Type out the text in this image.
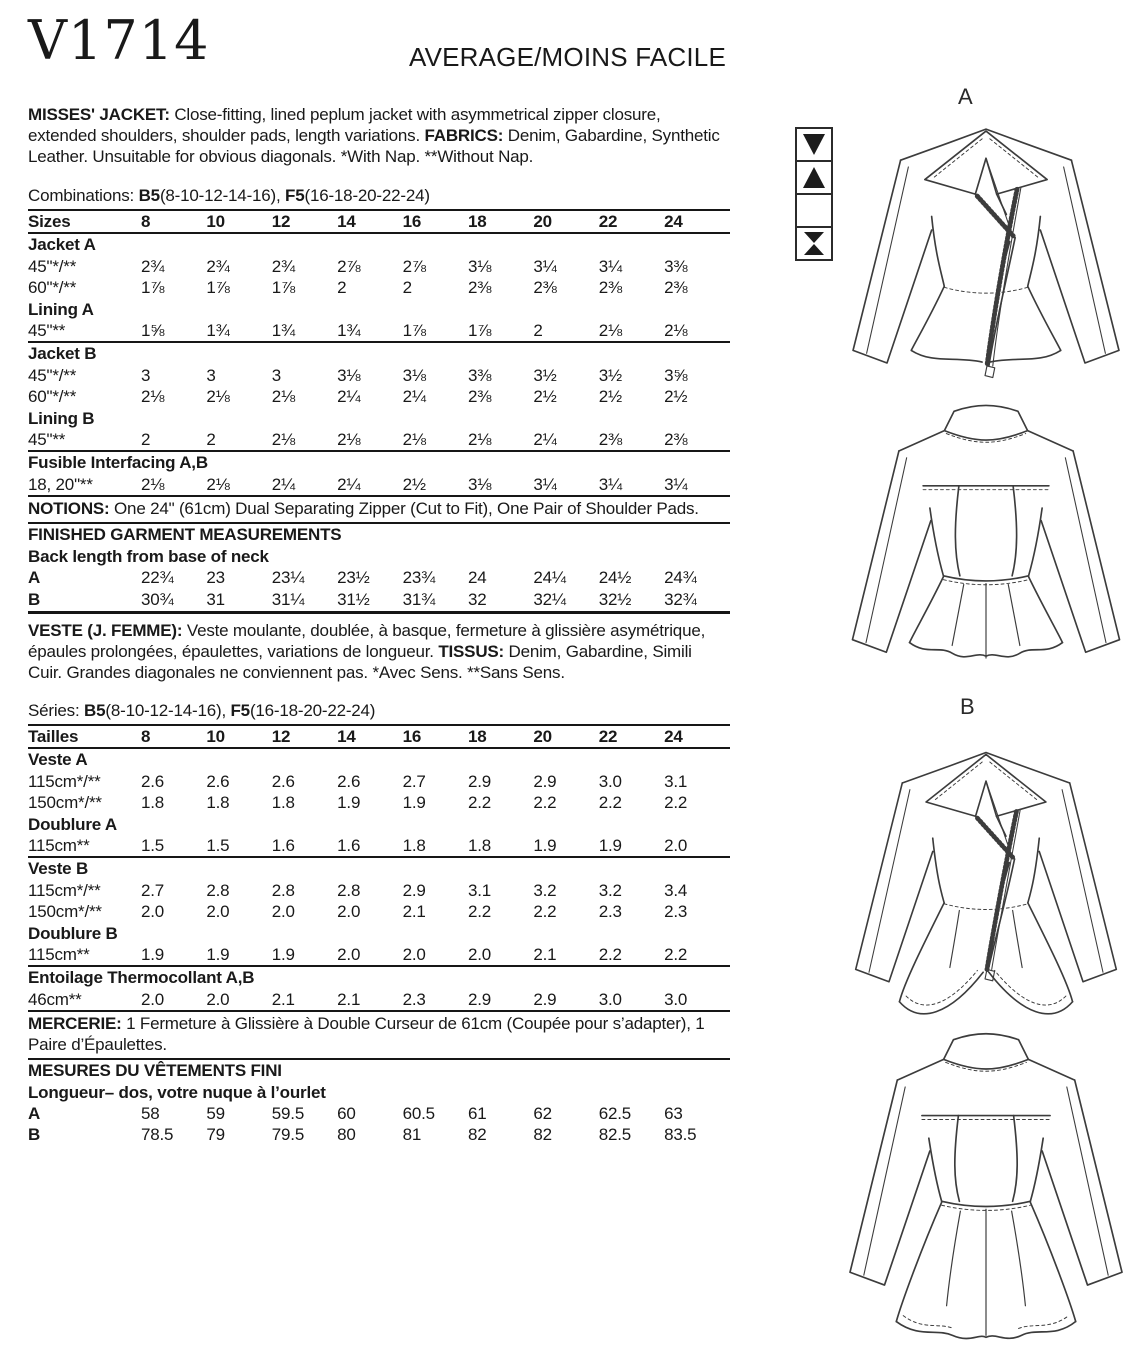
V1714	AVERAGE/MOINS FACILE

MISSES' JACKET: Close-fitting, lined peplum jacket with asymmetrical zipper closure, extended shoulders, shoulder pads, length variations. FABRICS: Denim, Gabardine, Synthetic Leather. Unsuitable for obvious diagonals. *With Nap. **Without Nap.

Combinations: B5(8-10-12-14-16), F5(16-18-20-22-24)

Sizes	8	10	12	14	16	18	20	22	24
Jacket A
45"*/**	2¾	2¾	2¾	2⅞	2⅞	3⅛	3¼	3¼	3⅜
60"*/**	1⅞	1⅞	1⅞	2	2	2⅜	2⅜	2⅜	2⅜
Lining A
45"**	1⅝	1¾	1¾	1¾	1⅞	1⅞	2	2⅛	2⅛
Jacket B
45"*/**	3	3	3	3⅛	3⅛	3⅜	3½	3½	3⅝
60"*/**	2⅛	2⅛	2⅛	2¼	2¼	2⅜	2½	2½	2½
Lining B
45"**	2	2	2⅛	2⅛	2⅛	2⅛	2¼	2⅜	2⅜
Fusible Interfacing A,B
18, 20"**	2⅛	2⅛	2¼	2¼	2½	3⅛	3¼	3¼	3¼

NOTIONS: One 24" (61cm) Dual Separating Zipper (Cut to Fit), One Pair of Shoulder Pads.

FINISHED GARMENT MEASUREMENTS
Back length from base of neck
A	22¾	23	23¼	23½	23¾	24	24¼	24½	24¾
B	30¾	31	31¼	31½	31¾	32	32¼	32½	32¾

VESTE (J. FEMME): Veste moulante, doublée, à basque, fermeture à glissière asymétrique, épaules prolongées, épaulettes, variations de longueur. TISSUS: Denim, Gabardine, Simili Cuir. Grandes diagonales ne conviennent pas. *Avec Sens. **Sans Sens.

Séries: B5(8-10-12-14-16), F5(16-18-20-22-24)

Tailles	8	10	12	14	16	18	20	22	24
Veste A
115cm*/**	2.6	2.6	2.6	2.6	2.7	2.9	2.9	3.0	3.1
150cm*/**	1.8	1.8	1.8	1.9	1.9	2.2	2.2	2.2	2.2
Doublure A
115cm**	1.5	1.5	1.6	1.6	1.8	1.8	1.9	1.9	2.0
Veste B
115cm*/**	2.7	2.8	2.8	2.8	2.9	3.1	3.2	3.2	3.4
150cm*/**	2.0	2.0	2.0	2.0	2.1	2.2	2.2	2.3	2.3
Doublure B
115cm**	1.9	1.9	1.9	2.0	2.0	2.0	2.1	2.2	2.2
Entoilage Thermocollant A,B
46cm**	2.0	2.0	2.1	2.1	2.3	2.9	2.9	3.0	3.0

MERCERIE: 1 Fermeture à Glissière à Double Curseur de 61cm (Coupée pour s’adapter), 1 Paire d’Épaulettes.

MESURES DU VÊTEMENTS FINI
Longueur– dos, votre nuque à l’ourlet
A	58	59	59.5	60	60.5	61	62	62.5	63
B	78.5	79	79.5	80	81	82	82	82.5	83.5
A
B
